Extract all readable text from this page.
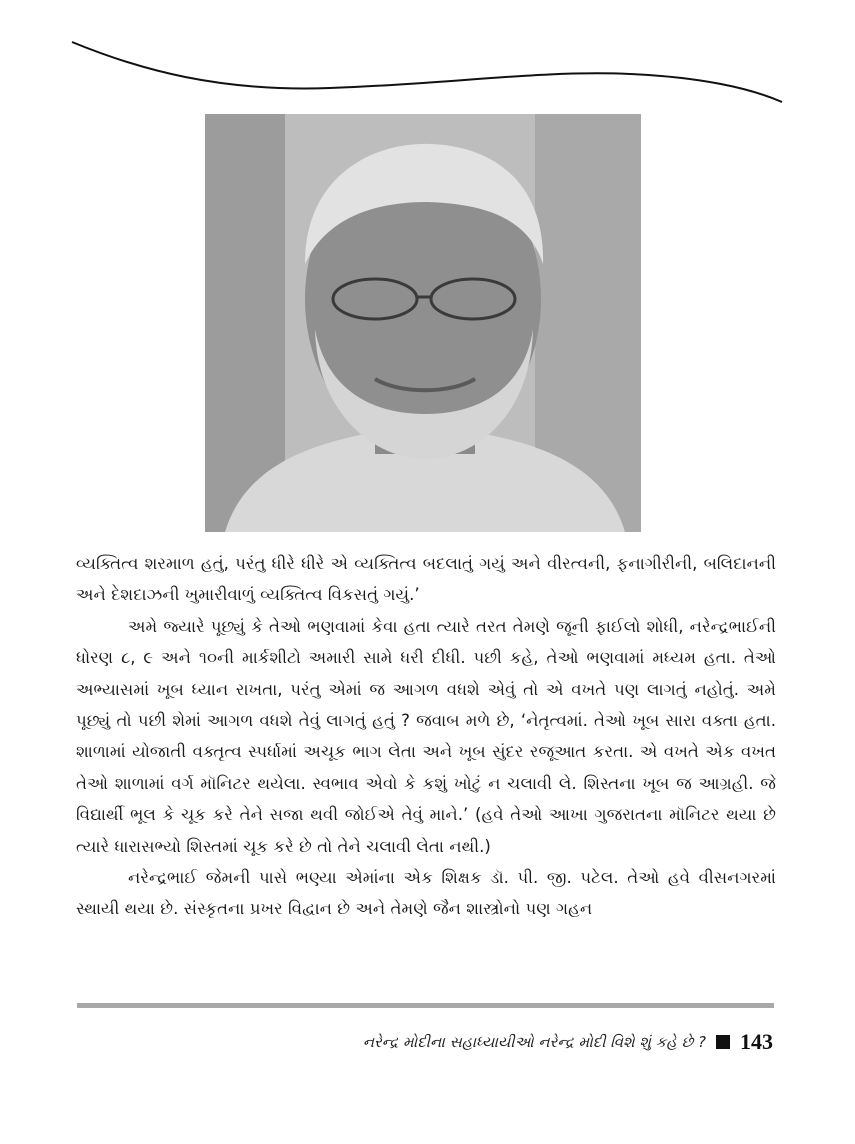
વ્યક્તિત્વ શરમાળ હતું, પરંતુ ધીરે ધીરે એ વ્યક્તિત્વ બદલાતું ગયું અને વીરત્વની, ફનાગીરીની, બલિદાનની અને દેશદાઝની ખુમારીવાળું વ્યક્તિત્વ વિકસતું ગયું.’

અમે જ્યારે પૂછ્યું કે તેઓ ભણવામાં કેવા હતા ત્યારે તરત તેમણે જૂની ફાઈલો શોધી, નરેન્દ્રભાઈની ધોરણ ૮, ૯ અને ૧૦ની માર્કશીટો અમારી સામે ધરી દીધી. પછી કહે, તેઓ ભણવામાં મધ્યમ હતા. તેઓ અભ્યાસમાં ખૂબ ધ્યાન રાખતા, પરંતુ એમાં જ આગળ વધશે એવું તો એ વખતે પણ લાગતું નહોતું. અમે પૂછ્યું તો પછી શેમાં આગળ વધશે તેવું લાગતું હતું ? જવાબ મળે છે, ‘નેતૃત્વમાં. તેઓ ખૂબ સારા વક્તા હતા. શાળામાં યોજાતી વક્તૃત્વ સ્પર્ધામાં અચૂક ભાગ લેતા અને ખૂબ સુંદર રજૂઆત કરતા. એ વખતે એક વખત તેઓ શાળામાં વર્ગ મૉનિટર થયેલા. સ્વભાવ એવો કે કશું ખોટું ન ચલાવી લે. શિસ્તના ખૂબ જ આગ્રહી. જે વિદ્યાર્થી ભૂલ કે ચૂક કરે તેને સજા થવી જોઈએ તેવું માને.’ (હવે તેઓ આખા ગુજરાતના મૉનિટર થયા છે ત્યારે ધારાસભ્યો શિસ્તમાં ચૂક કરે છે તો તેને ચલાવી લેતા નથી.)

નરેન્દ્રભાઈ જેમની પાસે ભણ્યા એમાંના એક શિક્ષક ડૉ. પી. જી. પટેલ. તેઓ હવે વીસનગરમાં સ્થાયી થયા છે. સંસ્કૃતના પ્રખર વિદ્વાન છે અને તેમણે જૈન શાસ્ત્રોનો પણ ગહન

નરેન્દ્ર મોદીના સહાધ્યાયીઓ નરેન્દ્ર મોદી વિશે શું કહે છે ? 143
